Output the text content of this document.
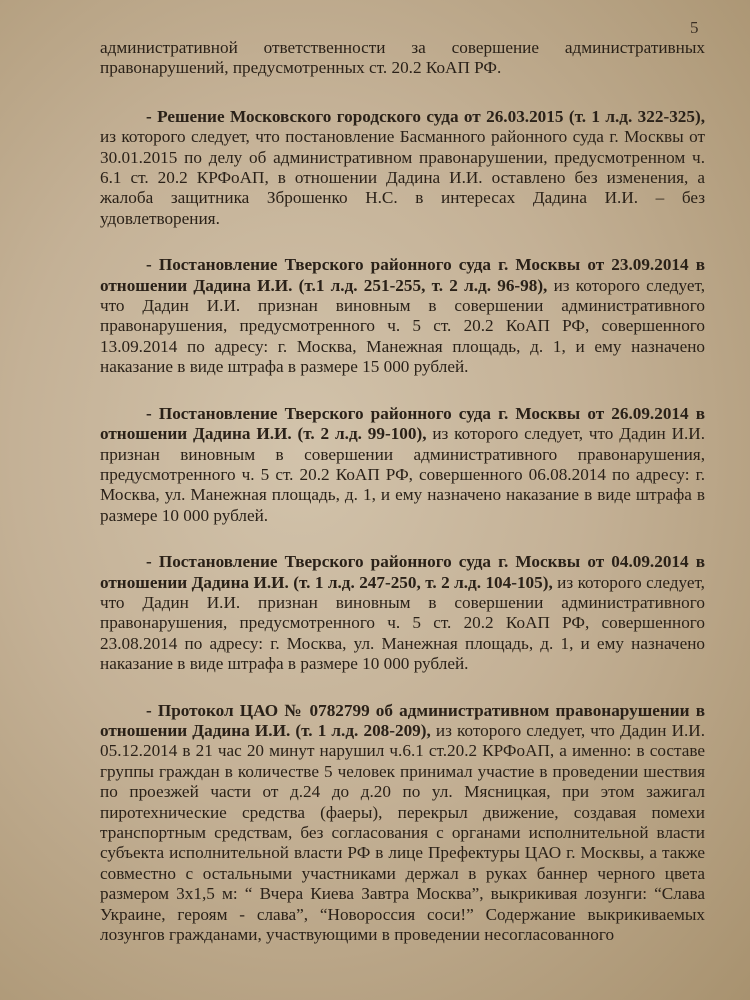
5

административной ответственности за совершение административных правонарушений, предусмотренных ст. 20.2 КоАП РФ.

- Решение Московского городского суда от 26.03.2015 (т. 1 л.д. 322-325), из которого следует, что постановление Басманного районного суда г. Москвы от 30.01.2015 по делу об административном правонарушении, предусмотренном ч. 6.1 ст. 20.2 КРФоАП, в отношении Дадина И.И. оставлено без изменения, а жалоба защитника Зброшенко Н.С. в интересах Дадина И.И. – без удовлетворения.

- Постановление Тверского районного суда г. Москвы от 23.09.2014 в отношении Дадина И.И. (т.1 л.д. 251-255, т. 2 л.д. 96-98), из которого следует, что Дадин И.И. признан виновным в совершении административного правонарушения, предусмотренного ч. 5 ст. 20.2 КоАП РФ, совершенного 13.09.2014 по адресу: г. Москва, Манежная площадь, д. 1, и ему назначено наказание в виде штрафа в размере 15 000 рублей.

- Постановление Тверского районного суда г. Москвы от 26.09.2014 в отношении Дадина И.И. (т. 2 л.д. 99-100), из которого следует, что Дадин И.И. признан виновным в совершении административного правонарушения, предусмотренного ч. 5 ст. 20.2 КоАП РФ, совершенного 06.08.2014 по адресу: г. Москва, ул. Манежная площадь, д. 1, и ему назначено наказание в виде штрафа в размере 10 000 рублей.

- Постановление Тверского районного суда г. Москвы от 04.09.2014 в отношении Дадина И.И. (т. 1 л.д. 247-250, т. 2 л.д. 104-105), из которого следует, что Дадин И.И. признан виновным в совершении административного правонарушения, предусмотренного ч. 5 ст. 20.2 КоАП РФ, совершенного 23.08.2014 по адресу: г. Москва, ул. Манежная площадь, д. 1, и ему назначено наказание в виде штрафа в размере 10 000 рублей.

- Протокол ЦАО № 0782799 об административном правонарушении в отношении Дадина И.И. (т. 1 л.д. 208-209), из которого следует, что Дадин И.И. 05.12.2014 в 21 час 20 минут нарушил ч.6.1 ст.20.2 КРФоАП, а именно: в составе группы граждан в количестве 5 человек принимал участие в проведении шествия по проезжей части от д.24 до д.20 по ул. Мясницкая, при этом зажигал пиротехнические средства (фаеры), перекрыл движение, создавая помехи транспортным средствам, без согласования с органами исполнительной власти субъекта исполнительной власти РФ в лице Префектуры ЦАО г. Москвы, а также совместно с остальными участниками держал в руках баннер черного цвета размером 3х1,5 м: “ Вчера Киева Завтра Москва”, выкрикивая лозунги: “Слава Украине, героям - слава”, “Новороссия соси!” Содержание выкрикиваемых лозунгов гражданами, участвующими в проведении несогласованного
